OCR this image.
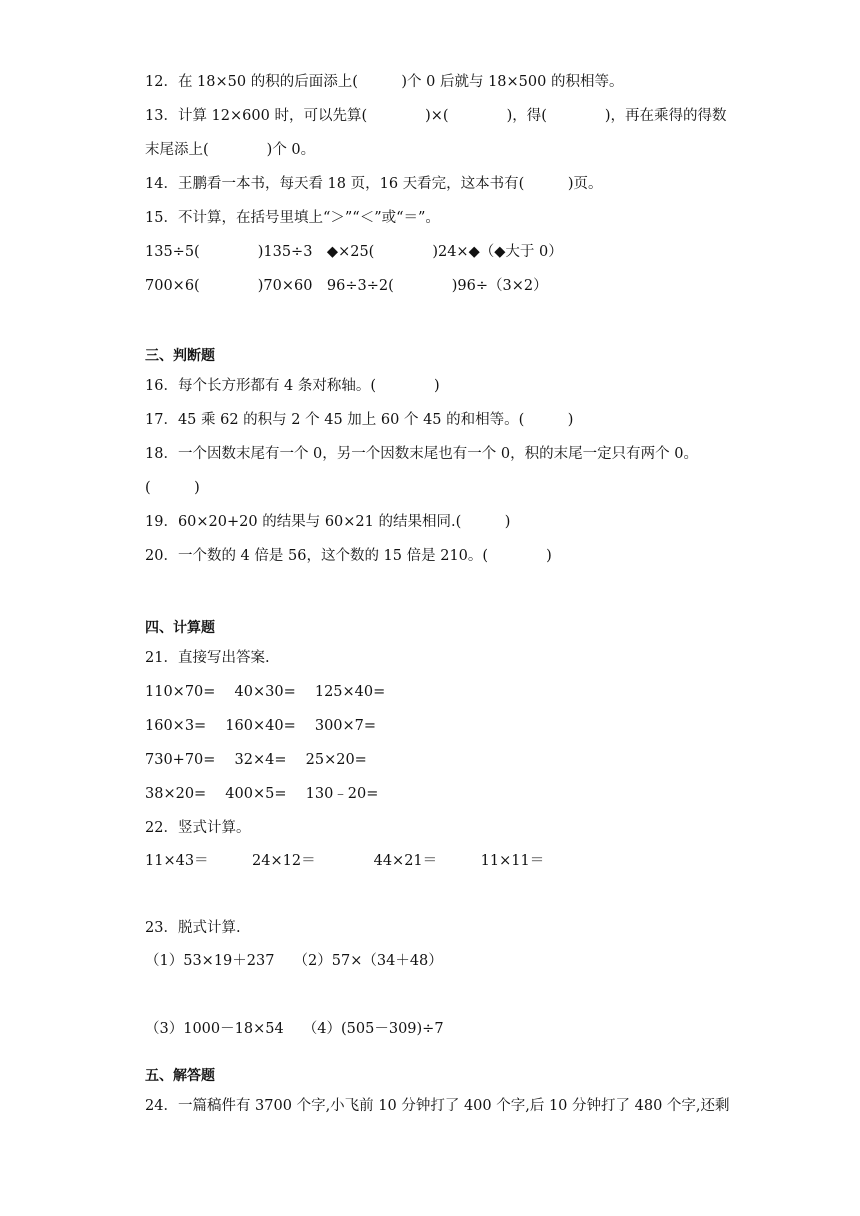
12．在 18×50 的积的后面添上(　　　)个 0 后就与 18×500 的积相等。
13．计算 12×600 时，可以先算(　　　　)×(　　　　)，得(　　　　)，再在乘得的得数
末尾添上(　　　　)个 0。
14．王鹏看一本书，每天看 18 页，16 天看完，这本书有(　　　)页。
15．不计算，在括号里填上“＞”“＜”或“＝”。
135÷5(　　　　)135÷3　◆×25(　　　　)24×◆（◆大于 0）
700×6(　　　　)70×60　96÷3÷2(　　　　)96÷（3×2）
三、判断题
16．每个长方形都有 4 条对称轴。(　　　　)
17．45 乘 62 的积与 2 个 45 加上 60 个 45 的和相等。(　　　)
18．一个因数末尾有一个 0，另一个因数末尾也有一个 0，积的末尾一定只有两个 0。
(　　　)
19．60×20+20 的结果与 60×21 的结果相同.(　　　)
20．一个数的 4 倍是 56，这个数的 15 倍是 210。(　　　　)
四、计算题
21．直接写出答案.
110×70=　 40×30=　 125×40=
160×3=　 160×40=　 300×7=
730+70=　 32×4=　 25×20=
38×20=　 400×5=　 130﹣20=
22．竖式计算。
11×43＝　　　24×12＝　　　　44×21＝　　　11×11＝
23．脱式计算.
（1）53×19＋237　 （2）57×（34＋48）
（3）1000－18×54　 （4）(505－309)÷7
五、解答题
24．一篇稿件有 3700 个字,小飞前 10 分钟打了 400 个字,后 10 分钟打了 480 个字,还剩
